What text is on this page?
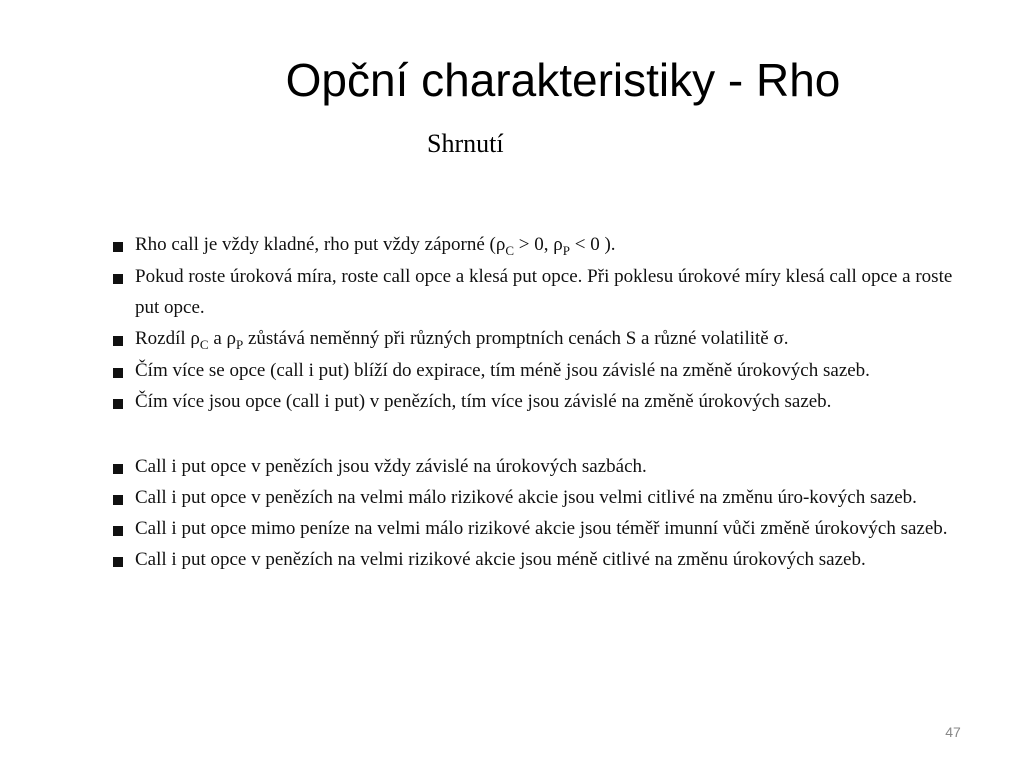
Opční charakteristiky - Rho
Shrnutí
Rho call je vždy kladné, rho put vždy záporné ($\rho_C > 0$, $\rho_P < 0$ ).
Pokud roste úroková míra, roste call opce a klesá put opce. Při poklesu úrokové míry klesá call opce a roste put opce.
Rozdíl $\rho_C$ a $\rho_P$ zůstává neměnný při různých promptních cenách S a různé volatilitě σ.
Čím více se opce (call i put) blíží do expirace, tím méně jsou závislé na změně úrokových sazeb.
Čím více jsou opce (call i put) v penězích, tím více jsou závislé na změně úrokových sazeb.
Call i put opce v penězích jsou vždy závislé na úrokových sazbách.
Call i put opce v penězích na velmi málo rizikové akcie jsou velmi citlivé na změnu úro-kových sazeb.
Call i put opce mimo peníze na velmi málo rizikové akcie jsou téměř imunní vůči změně úrokových sazeb.
Call i put opce v penězích na velmi rizikové akcie jsou méně citlivé na změnu úrokových sazeb.
47
